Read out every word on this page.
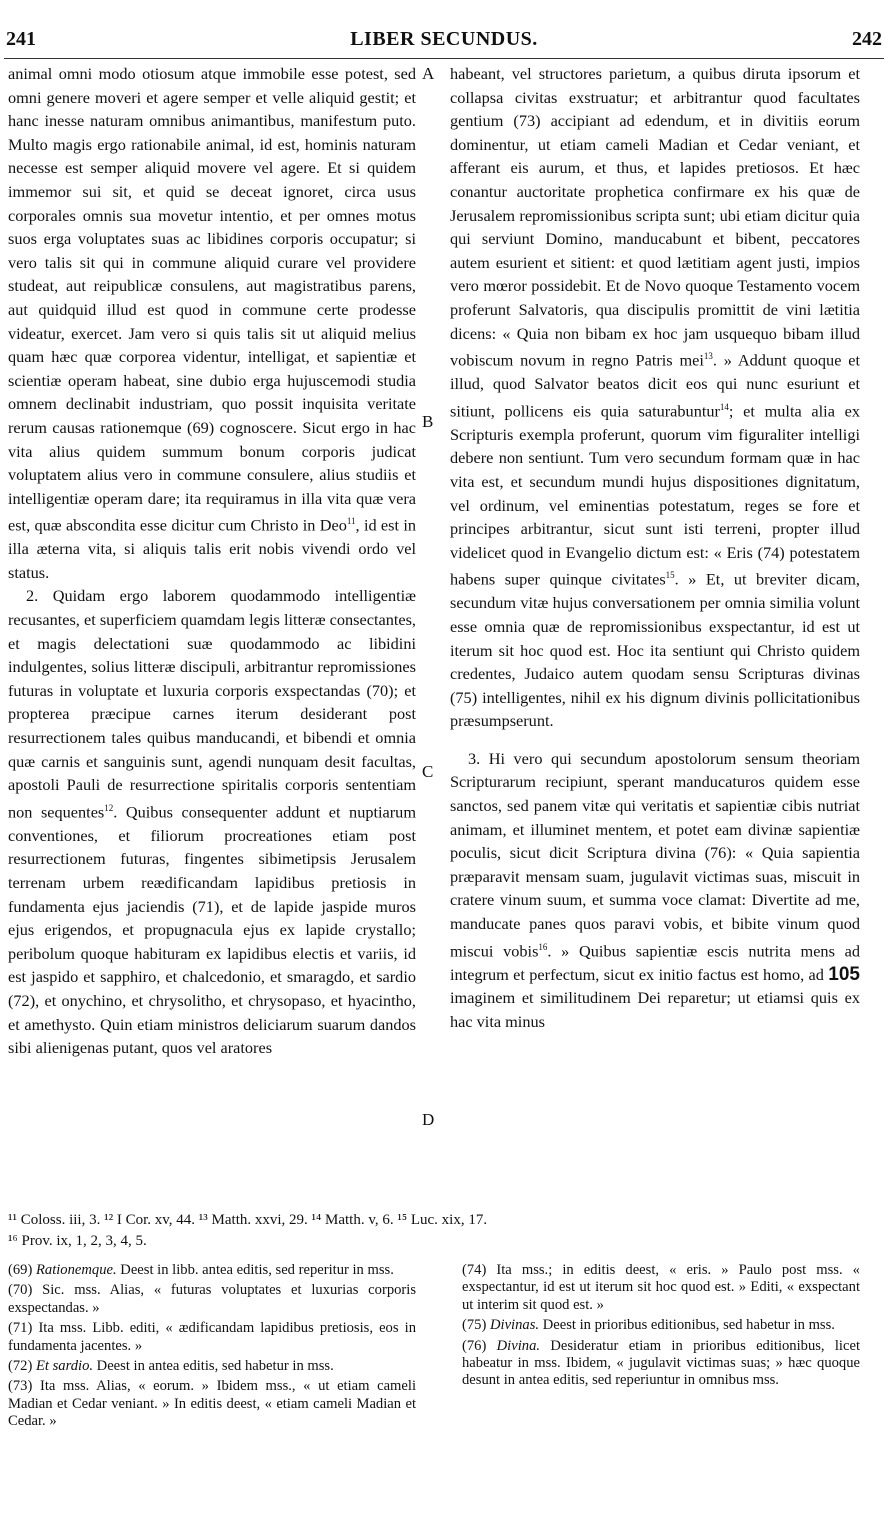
241	LIBER SECUNDUS.	242
A
B
C
D

animal omni modo otiosum atque immobile esse potest, sed omni genere moveri et agere semper et velle aliquid gestit; et hanc inesse naturam omnibus animantibus, manifestum puto. Multo magis ergo rationabile animal, id est, hominis naturam necesse est semper aliquid movere vel agere. Et si quidem immemor sui sit, et quid se deceat ignoret, circa usus corporales omnis sua movetur intentio, et per omnes motus suos erga voluptates suas ac libidines corporis occupatur; si vero talis sit qui in commune aliquid curare vel providere studeat, aut reipublicæ consulens, aut magistratibus parens, aut quidquid illud est quod in commune certe prodesse videatur, exercet. Jam vero si quis talis sit ut aliquid melius quam hæc quæ corporea videntur, intelligat, et sapientiæ et scientiæ operam habeat, sine dubio erga hujuscemodi studia omnem declinabit industriam, quo possit inquisita veritate rerum causas rationemque (69) cognoscere. Sicut ergo in hac vita alius quidem summum bonum corporis judicat voluptatem alius vero in commune consulere, alius studiis et intelligentiæ operam dare; ita requiramus in illa vita quæ vera est, quæ abscondita esse dicitur cum Christo in Deo$^{11}$, id est in illa æterna vita, si aliquis talis erit nobis vivendi ordo vel status.

2. Quidam ergo laborem quodammodo intelligentiæ recusantes, et superficiem quamdam legis litteræ consectantes, et magis delectationi suæ quodammodo ac libidini indulgentes, solius litteræ discipuli, arbitrantur repromissiones futuras in voluptate et luxuria corporis exspectandas (70); et propterea præcipue carnes iterum desiderant post resurrectionem tales quibus manducandi, et bibendi et omnia quæ carnis et sanguinis sunt, agendi nunquam desit facultas, apostoli Pauli de resurrectione spiritalis corporis sententiam non sequentes$^{12}$. Quibus consequenter addunt et nuptiarum conventiones, et filiorum procreationes etiam post resurrectionem futuras, fingentes sibimetipsis Jerusalem terrenam urbem reædificandam lapidibus pretiosis in fundamenta ejus jaciendis (71), et de lapide jaspide muros ejus erigendos, et propugnacula ejus ex lapide crystallo; peribolum quoque habituram ex lapidibus electis et variis, id est jaspido et sapphiro, et chalcedonio, et smaragdo, et sardio (72), et onychino, et chrysolitho, et chrysopaso, et hyacintho, et amethysto. Quin etiam ministros deliciarum suarum dandos sibi alienigenas putant, quos vel aratores

habeant, vel structores parietum, a quibus diruta ipsorum et collapsa civitas exstruatur; et arbitrantur quod facultates gentium (73) accipiant ad edendum, et in divitiis eorum dominentur, ut etiam cameli Madian et Cedar veniant, et afferant eis aurum, et thus, et lapides pretiosos. Et hæc conantur auctoritate prophetica confirmare ex his quæ de Jerusalem repromissionibus scripta sunt; ubi etiam dicitur quia qui serviunt Domino, manducabunt et bibent, peccatores autem esurient et sitient: et quod lætitiam agent justi, impios vero mœror possidebit. Et de Novo quoque Testamento vocem proferunt Salvatoris, qua discipulis promittit de vini lætitia dicens: « Quia non bibam ex hoc jam usquequo bibam illud vobiscum novum in regno Patris mei$^{13}$. » Addunt quoque et illud, quod Salvator beatos dicit eos qui nunc esuriunt et sitiunt, pollicens eis quia saturabuntur$^{14}$; et multa alia ex Scripturis exempla proferunt, quorum vim figuraliter intelligi debere non sentiunt. Tum vero secundum formam quæ in hac vita est, et secundum mundi hujus dispositiones dignitatum, vel ordinum, vel eminentias potestatum, reges se fore et principes arbitrantur, sicut sunt isti terreni, propter illud videlicet quod in Evangelio dictum est: « Eris (74) potestatem habens super quinque civitates$^{15}$. » Et, ut breviter dicam, secundum vitæ hujus conversationem per omnia similia volunt esse omnia quæ de repromissionibus exspectantur, id est ut iterum sit hoc quod est. Hoc ita sentiunt qui Christo quidem credentes, Judaico autem quodam sensu Scripturas divinas (75) intelligentes, nihil ex his dignum divinis pollicitationibus præsumpserunt.

3. Hi vero qui secundum apostolorum sensum theoriam Scripturarum recipiunt, sperant manducaturos quidem esse sanctos, sed panem vitæ qui veritatis et sapientiæ cibis nutriat animam, et illuminet mentem, et potet eam divinæ sapientiæ poculis, sicut dicit Scriptura divina (76): « Quia sapientia præparavit mensam suam, jugulavit victimas suas, miscuit in cratere vinum suum, et summa voce clamat: Divertite ad me, manducate panes quos paravi vobis, et bibite vinum quod miscui vobis$^{16}$. » Quibus sapientiæ escis nutrita mens ad integrum et perfectum, sicut ex initio factus est homo, ad 105 imaginem et similitudinem Dei reparetur; ut etiamsi quis ex hac vita minus

¹¹ Coloss. iii, 3. ¹² I Cor. xv, 44. ¹³ Matth. xxvi, 29. ¹⁴ Matth. v, 6. ¹⁵ Luc. xix, 17.
¹⁶ Prov. ix, 1, 2, 3, 4, 5.

(69) Rationemque. Deest in libb. antea editis, sed reperitur in mss.

(70) Sic. mss. Alias, « futuras voluptates et luxurias corporis exspectandas. »

(71) Ita mss. Libb. editi, « ædificandam lapidibus pretiosis, eos in fundamenta jacentes. »

(72) Et sardio. Deest in antea editis, sed habetur in mss.

(73) Ita mss. Alias, « eorum. » Ibidem mss., « ut etiam cameli Madian et Cedar veniant. » In editis deest, « etiam cameli Madian et Cedar. »

(74) Ita mss.; in editis deest, « eris. » Paulo post mss. « exspectantur, id est ut iterum sit hoc quod est. » Editi, « exspectant ut interim sit quod est. »

(75) Divinas. Deest in prioribus editionibus, sed habetur in mss.

(76) Divina. Desideratur etiam in prioribus editionibus, licet habeatur in mss. Ibidem, « jugulavit victimas suas; » hæc quoque desunt in antea editis, sed reperiuntur in omnibus mss.
